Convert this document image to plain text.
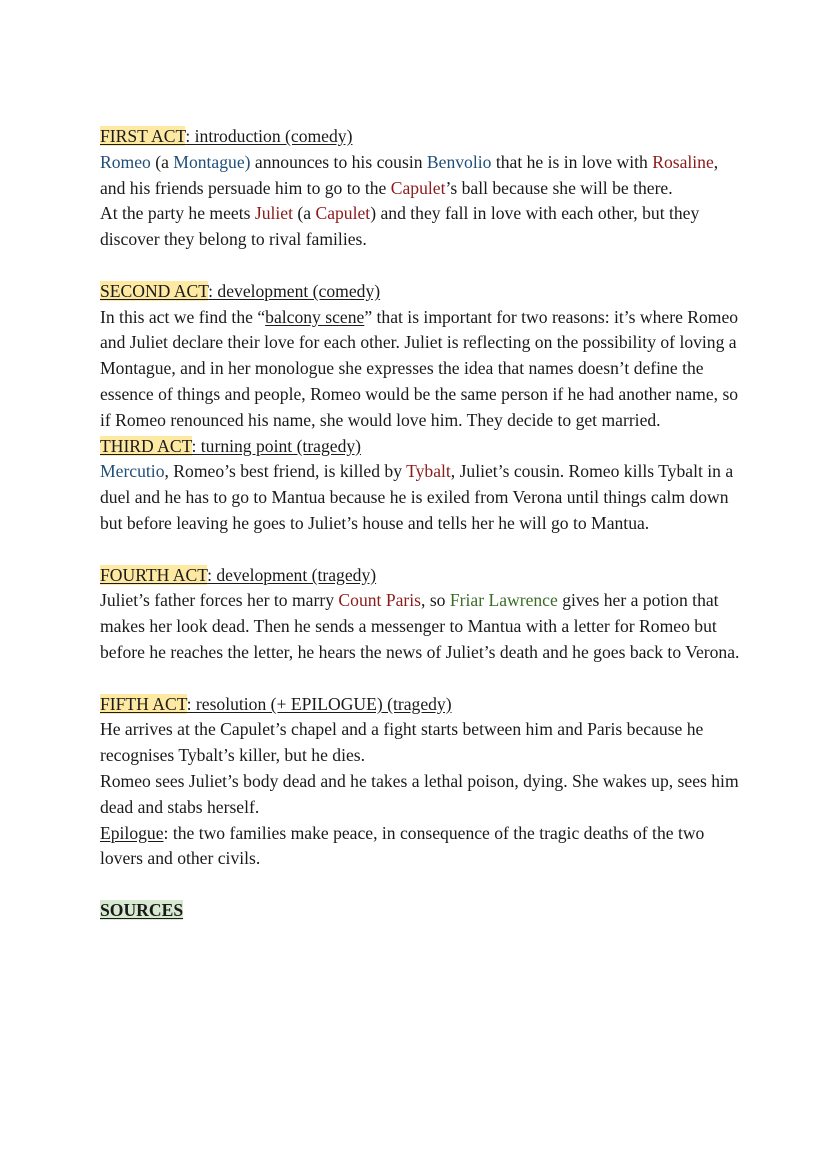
FIRST ACT: introduction (comedy)

Romeo (a Montague) announces to his cousin Benvolio that he is in love with Rosaline, and his friends persuade him to go to the Capulet’s ball because she will be there.

At the party he meets Juliet (a Capulet) and they fall in love with each other, but they discover they belong to rival families.

SECOND ACT: development (comedy)

In this act we find the “balcony scene” that is important for two reasons: it’s where Romeo and Juliet declare their love for each other. Juliet is reflecting on the possibility of loving a Montague, and in her monologue she expresses the idea that names doesn’t define the essence of things and people, Romeo would be the same person if he had another name, so if Romeo renounced his name, she would love him. They decide to get married.

THIRD ACT: turning point (tragedy)

Mercutio, Romeo’s best friend, is killed by Tybalt, Juliet’s cousin. Romeo kills Tybalt in a duel and he has to go to Mantua because he is exiled from Verona until things calm down but before leaving he goes to Juliet’s house and tells her he will go to Mantua.

FOURTH ACT: development (tragedy)

Juliet’s father forces her to marry Count Paris, so Friar Lawrence gives her a potion that makes her look dead. Then he sends a messenger to Mantua with a letter for Romeo but before he reaches the letter, he hears the news of Juliet’s death and he goes back to Verona.

FIFTH ACT: resolution (+ EPILOGUE) (tragedy)

He arrives at the Capulet’s chapel and a fight starts between him and Paris because he recognises Tybalt’s killer, but he dies.

Romeo sees Juliet’s body dead and he takes a lethal poison, dying. She wakes up, sees him dead and stabs herself.

Epilogue: the two families make peace, in consequence of the tragic deaths of the two lovers and other civils.

SOURCES
